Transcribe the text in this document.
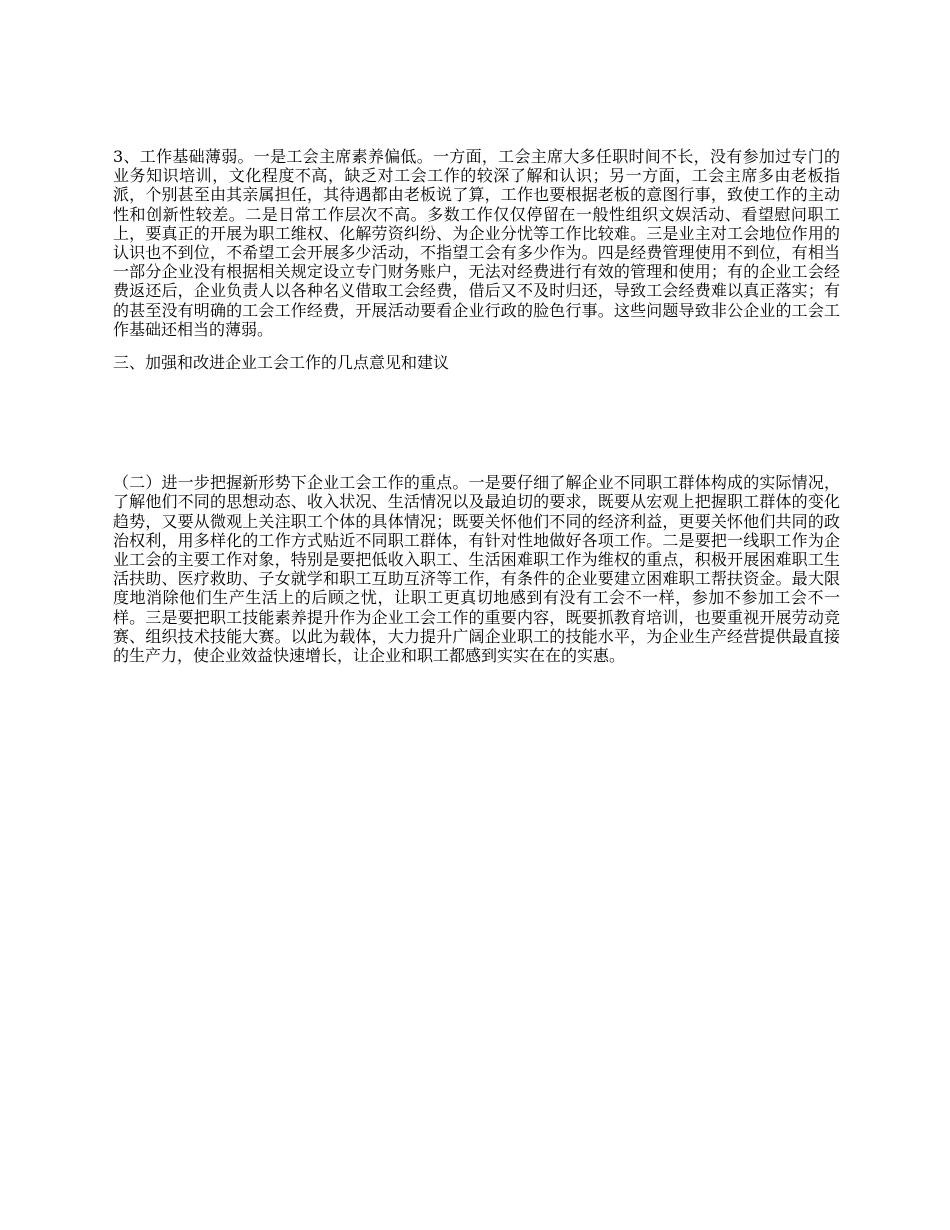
3、工作基础薄弱。一是工会主席素养偏低。一方面，工会主席大多任职时间不长，没有参加过专门的业务知识培训，文化程度不高，缺乏对工会工作的较深了解和认识；另一方面，工会主席多由老板指派，个别甚至由其亲属担任，其待遇都由老板说了算，工作也要根据老板的意图行事，致使工作的主动性和创新性较差。二是日常工作层次不高。多数工作仅仅停留在一般性组织文娱活动、看望慰问职工上，要真正的开展为职工维权、化解劳资纠纷、为企业分忧等工作比较难。三是业主对工会地位作用的认识也不到位，不希望工会开展多少活动，不指望工会有多少作为。四是经费管理使用不到位，有相当一部分企业没有根据相关规定设立专门财务账户，无法对经费进行有效的管理和使用；有的企业工会经费返还后，企业负责人以各种名义借取工会经费，借后又不及时归还，导致工会经费难以真正落实；有的甚至没有明确的工会工作经费，开展活动要看企业行政的脸色行事。这些问题导致非公企业的工会工作基础还相当的薄弱。

三、加强和改进企业工会工作的几点意见和建议

（二）进一步把握新形势下企业工会工作的重点。一是要仔细了解企业不同职工群体构成的实际情况，了解他们不同的思想动态、收入状况、生活情况以及最迫切的要求，既要从宏观上把握职工群体的变化趋势，又要从微观上关注职工个体的具体情况；既要关怀他们不同的经济利益，更要关怀他们共同的政治权利，用多样化的工作方式贴近不同职工群体，有针对性地做好各项工作。二是要把一线职工作为企业工会的主要工作对象，特别是要把低收入职工、生活困难职工作为维权的重点，积极开展困难职工生活扶助、医疗救助、子女就学和职工互助互济等工作，有条件的企业要建立困难职工帮扶资金。最大限度地消除他们生产生活上的后顾之忧，让职工更真切地感到有没有工会不一样，参加不参加工会不一样。三是要把职工技能素养提升作为企业工会工作的重要内容，既要抓教育培训，也要重视开展劳动竞赛、组织技术技能大赛。以此为载体，大力提升广阔企业职工的技能水平，为企业生产经营提供最直接的生产力，使企业效益快速增长，让企业和职工都感到实实在在的实惠。
